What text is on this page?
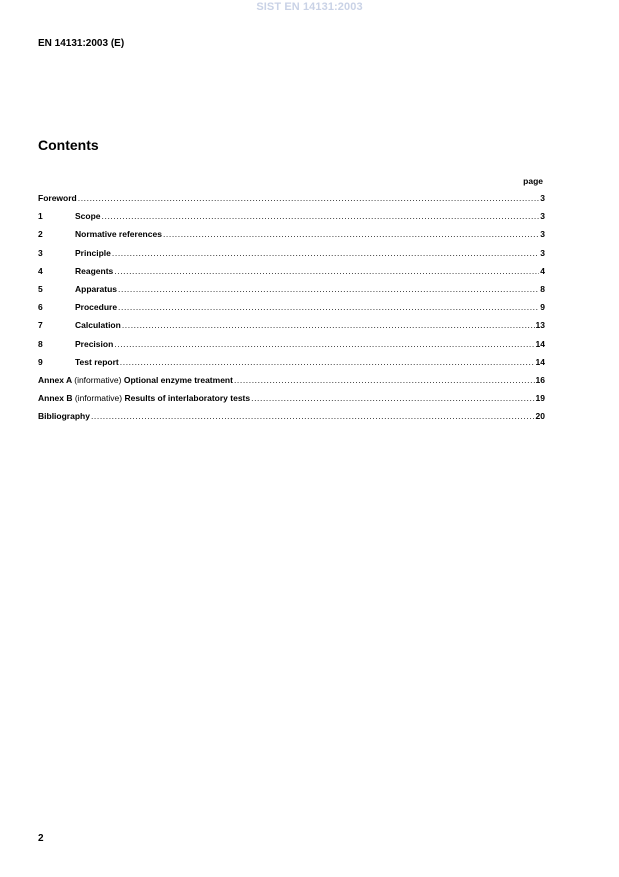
SIST EN 14131:2003
EN 14131:2003 (E)
Contents
page
Foreword .....	3
1	Scope .....	3
2	Normative references .....	3
3	Principle .....	3
4	Reagents .....	4
5	Apparatus .....	8
6	Procedure .....	9
7	Calculation .....	13
8	Precision .....	14
9	Test report .....	14
Annex A (informative) Optional enzyme treatment .....	16
Annex B (informative) Results of interlaboratory tests .....	19
Bibliography .....	20
2
